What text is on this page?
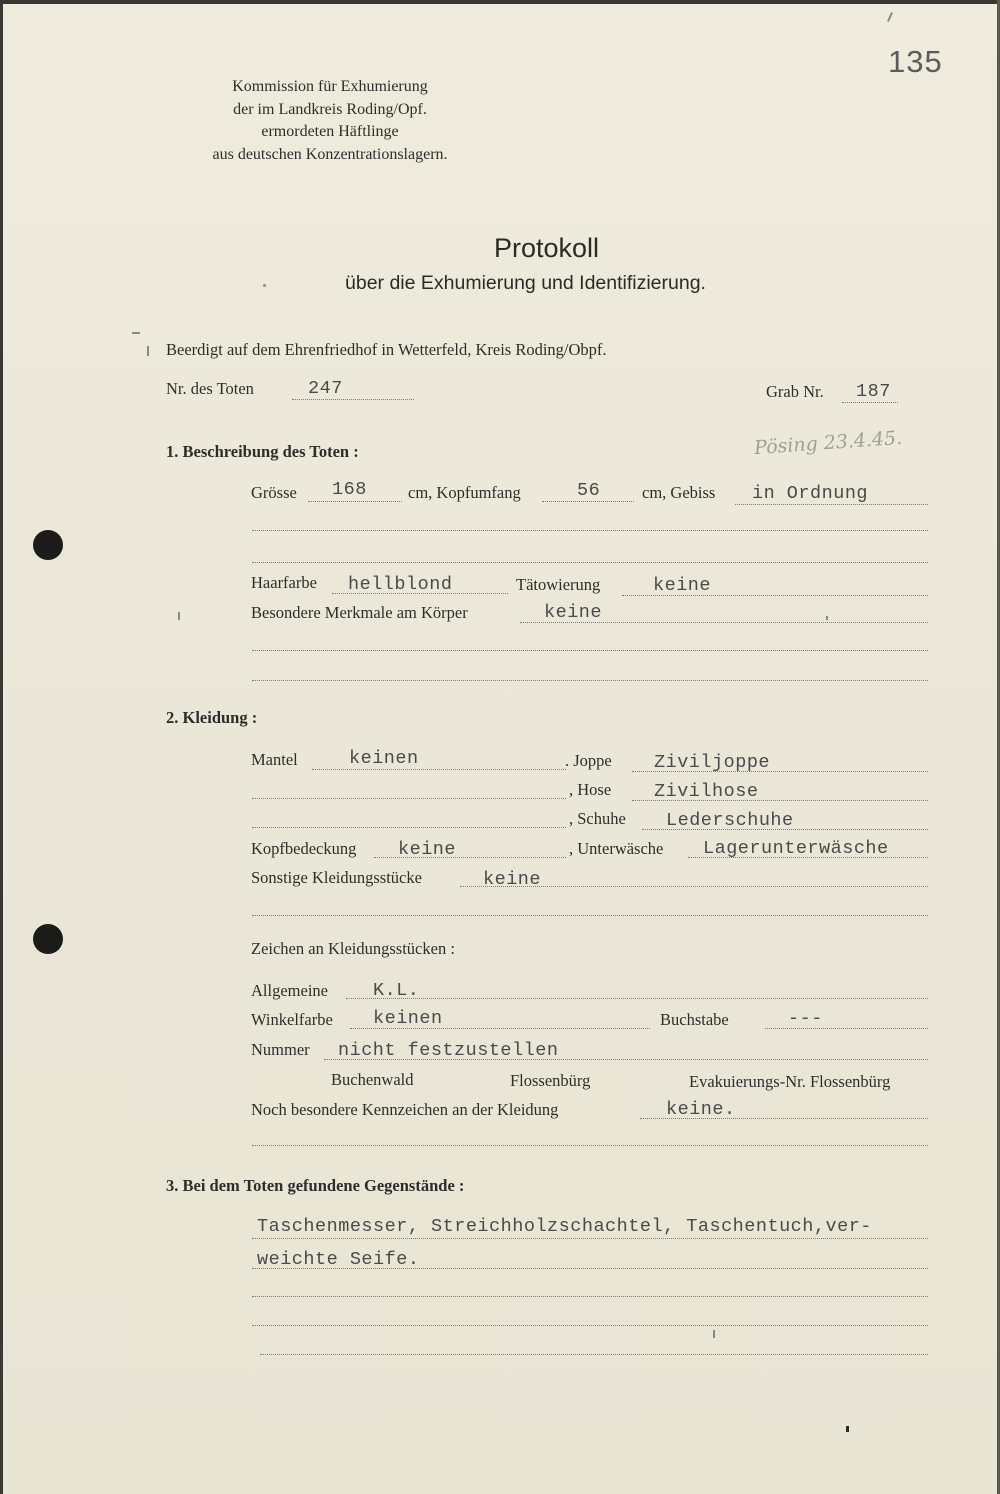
135
Kommission für Exhumierung
der im Landkreis Roding/Opf.
ermordeten Häftlinge
aus deutschen Konzentrationslagern.
Protokoll
über die Exhumierung und Identifizierung.
Beerdigt auf dem Ehrenfriedhof in Wetterfeld, Kreis Roding/Obpf.
Nr. des Toten	247	Grab Nr. 187
Pösing 23.4.45.
1. Beschreibung des Toten :
Grösse 168 cm, Kopfumfang	56	cm, Gebiss in Ordnung
Haarfarbe hellblond	Tätowierung	keine
Besondere Merkmale am Körper	keine
2. Kleidung :
Mantel	keinen	. Joppe Ziviljoppe
, Hose Zivilhose
, Schuhe Lederschuhe
Kopfbedeckung keine	, Unterwäsche Lagerunterwäsche
Sonstige Kleidungsstücke	keine
Zeichen an Kleidungsstücken :
Allgemeine K.L.
Winkelfarbe keinen	Buchstabe	---
Nummer nicht festzustellen
Buchenwald	Flossenbürg	Evakuierungs-Nr. Flossenbürg
Noch besondere Kennzeichen an der Kleidung	keine.
3. Bei dem Toten gefundene Gegenstände :
Taschenmesser, Streichholzschachtel, Taschentuch,ver-
weichte Seife.
